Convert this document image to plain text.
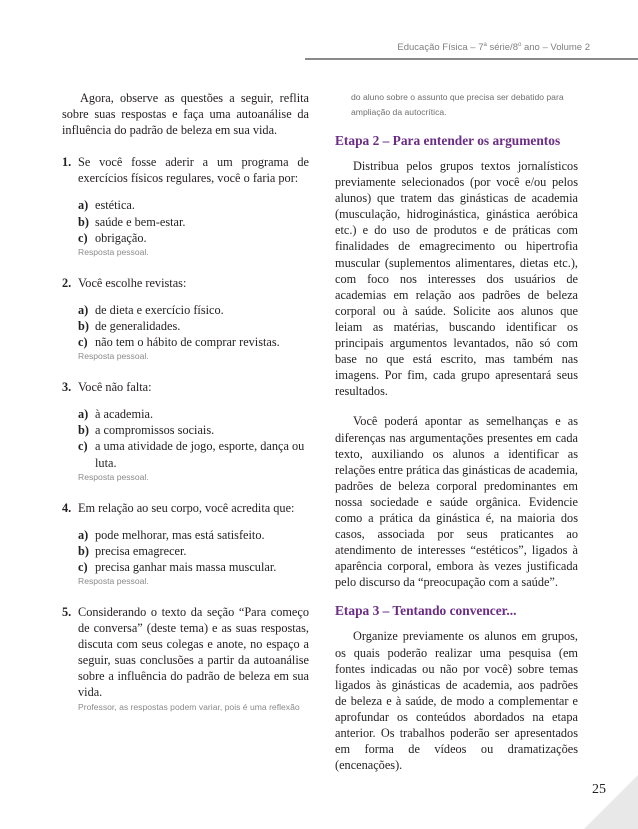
Educação Física – 7$^a$ série/8$^o$ ano – Volume 2

Agora, observe as questões a seguir, reflita sobre suas respostas e faça uma autoanálise da influência do padrão de beleza em sua vida.

1. Se você fosse aderir a um programa de exercícios físicos regulares, você o faria por:
a) estética.
b) saúde e bem-estar.
c) obrigação.
Resposta pessoal.
2. Você escolhe revistas:
a) de dieta e exercício físico.
b) de generalidades.
c) não tem o hábito de comprar revistas.
Resposta pessoal.
3. Você não falta:
a) à academia.
b) a compromissos sociais.
c) a uma atividade de jogo, esporte, dança ou luta.
Resposta pessoal.
4. Em relação ao seu corpo, você acredita que:
a) pode melhorar, mas está satisfeito.
b) precisa emagrecer.
c) precisa ganhar mais massa muscular.
Resposta pessoal.
5. Considerando o texto da seção “Para começo de conversa” (deste tema) e as suas respostas, discuta com seus colegas e anote, no espaço a seguir, suas conclusões a partir da autoanálise sobre a influência do padrão de beleza em sua vida.
Professor, as respostas podem variar, pois é uma reflexão

do aluno sobre o assunto que precisa ser debatido para ampliação da autocrítica.

Etapa 2 – Para entender os argumentos

Distribua pelos grupos textos jornalísticos previamente selecionados (por você e/ou pelos alunos) que tratem das ginásticas de academia (musculação, hidroginástica, ginástica aeróbica etc.) e do uso de produtos e de práticas com finalidades de emagrecimento ou hipertrofia muscular (suplementos alimentares, dietas etc.), com foco nos interesses dos usuários de academias em relação aos padrões de beleza corporal ou à saúde. Solicite aos alunos que leiam as matérias, buscando identificar os principais argumentos levantados, não só com base no que está escrito, mas também nas imagens. Por fim, cada grupo apresentará seus resultados.

Você poderá apontar as semelhanças e as diferenças nas argumentações presentes em cada texto, auxiliando os alunos a identificar as relações entre prática das ginásticas de academia, padrões de beleza corporal predominantes em nossa sociedade e saúde orgânica. Evidencie como a prática da ginástica é, na maioria dos casos, associada por seus praticantes ao atendimento de interesses “estéticos”, ligados à aparência corporal, embora às vezes justificada pelo discurso da “preocupação com a saúde”.

Etapa 3 – Tentando convencer...

Organize previamente os alunos em grupos, os quais poderão realizar uma pesquisa (em fontes indicadas ou não por você) sobre temas ligados às ginásticas de academia, aos padrões de beleza e à saúde, de modo a complementar e aprofundar os conteúdos abordados na etapa anterior. Os trabalhos poderão ser apresentados em forma de vídeos ou dramatizações (encenações).

25
